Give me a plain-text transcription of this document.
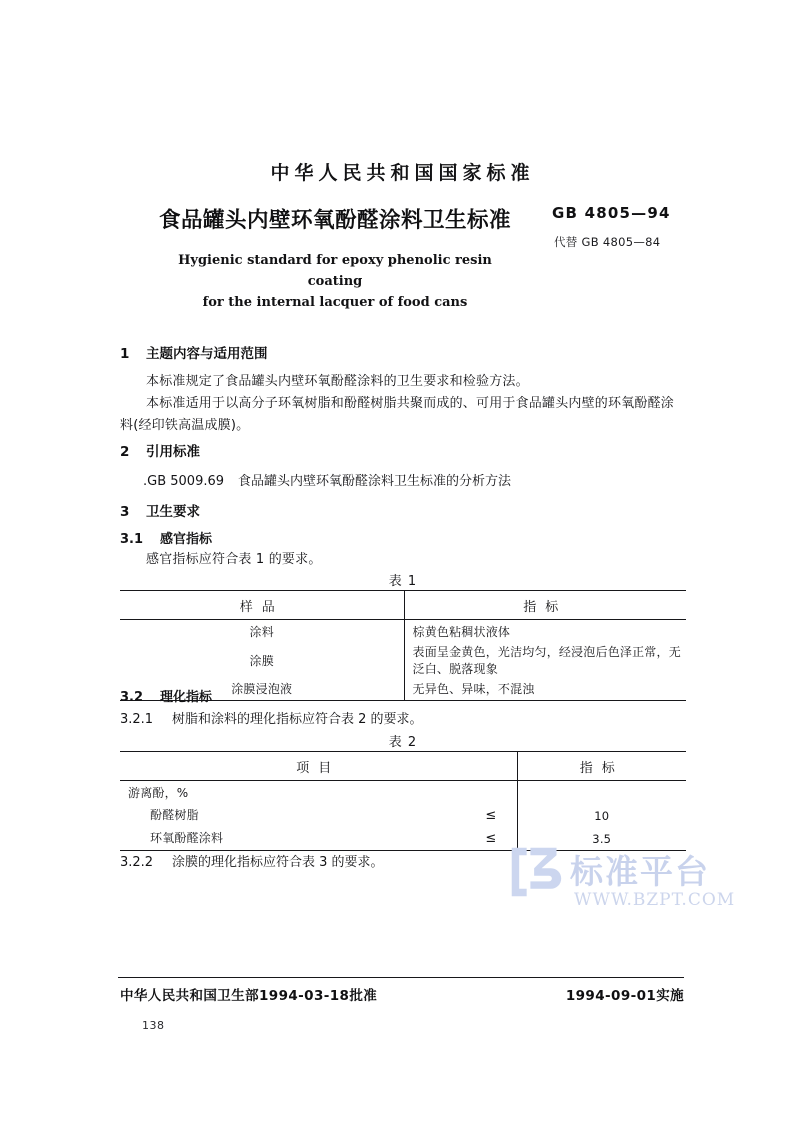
中华人民共和国国家标准
食品罐头内壁环氧酚醛涂料卫生标准	GB 4805—94
代替 GB 4805—84
Hygienic standard for epoxy phenolic resin coating
for the internal lacquer of food cans
1 主题内容与适用范围
本标准规定了食品罐头内壁环氧酚醛涂料的卫生要求和检验方法。
本标准适用于以高分子环氧树脂和酚醛树脂共聚而成的、可用于食品罐头内壁的环氧酚醛涂料(经印铁高温成膜)。
2 引用标准
.GB 5009.69 食品罐头内壁环氧酚醛涂料卫生标准的分析方法
3 卫生要求
3.1 感官指标
感官指标应符合表 1 的要求。
表 1
样品	指标
涂料	棕黄色粘稠状液体
涂膜	表面呈金黄色，光洁均匀，经浸泡后色泽正常，无泛白、脱落现象
涂膜浸泡液	无异色、异味，不混浊
3.2 理化指标
3.2.1 树脂和涂料的理化指标应符合表 2 的要求。
表 2
项目	指标
游离酚，%	

酚醛树脂 ≤	10

环氧酚醛涂料 ≤	3.5
3.2.2 涂膜的理化指标应符合表 3 的要求。	标准平台
WWW.BZPT.COM
中华人民共和国卫生部1994-03-18批准	1994-09-01实施
138
